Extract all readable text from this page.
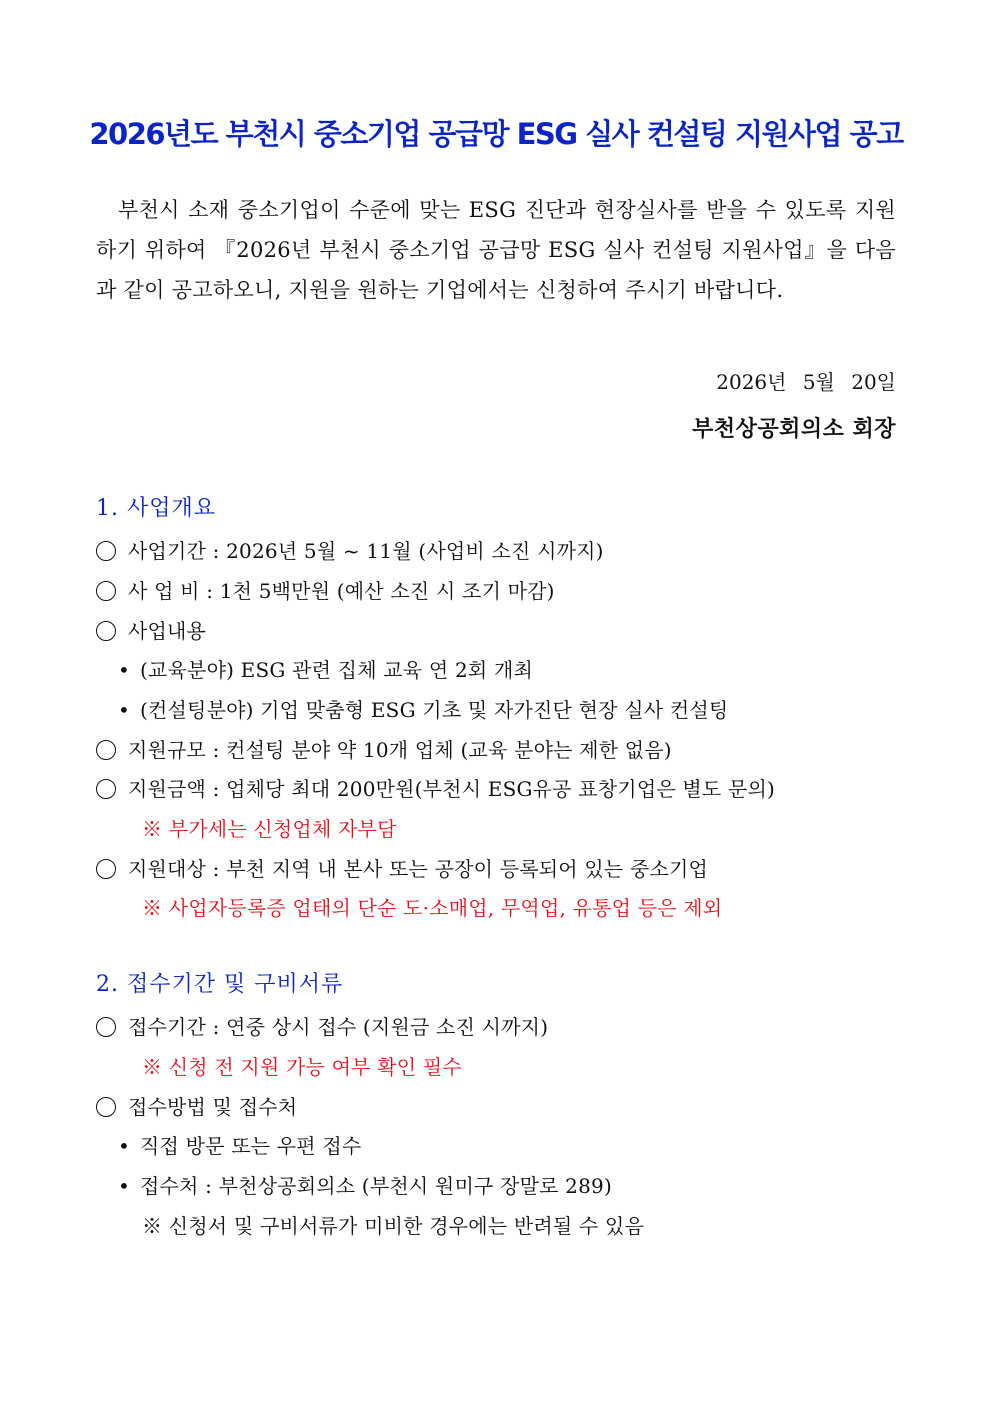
2026년도 부천시 중소기업 공급망 ESG 실사 컨설팅 지원사업 공고
부천시 소재 중소기업이 수준에 맞는 ESG 진단과 현장실사를 받을 수 있도록 지원하기 위하여 『2026년 부천시 중소기업 공급망 ESG 실사 컨설팅 지원사업』을 다음과 같이 공고하오니, 지원을 원하는 기업에서는 신청하여 주시기 바랍니다.
2026년 5월 20일
부천상공회의소 회장
1. 사업개요
사업기간 : 2026년 5월 ~ 11월 (사업비 소진 시까지)
사 업 비 : 1천 5백만원 (예산 소진 시 조기 마감)
사업내용
• (교육분야) ESG 관련 집체 교육 연 2회 개최
• (컨설팅분야) 기업 맞춤형 ESG 기초 및 자가진단 현장 실사 컨설팅
지원규모 : 컨설팅 분야 약 10개 업체 (교육 분야는 제한 없음)
지원금액 : 업체당 최대 200만원(부천시 ESG유공 표창기업은 별도 문의)
※ 부가세는 신청업체 자부담
지원대상 : 부천 지역 내 본사 또는 공장이 등록되어 있는 중소기업
※ 사업자등록증 업태의 단순 도·소매업, 무역업, 유통업 등은 제외
2. 접수기간 및 구비서류
접수기간 : 연중 상시 접수 (지원금 소진 시까지)
※ 신청 전 지원 가능 여부 확인 필수
접수방법 및 접수처
• 직접 방문 또는 우편 접수
• 접수처 : 부천상공회의소 (부천시 원미구 장말로 289)
※ 신청서 및 구비서류가 미비한 경우에는 반려될 수 있음
